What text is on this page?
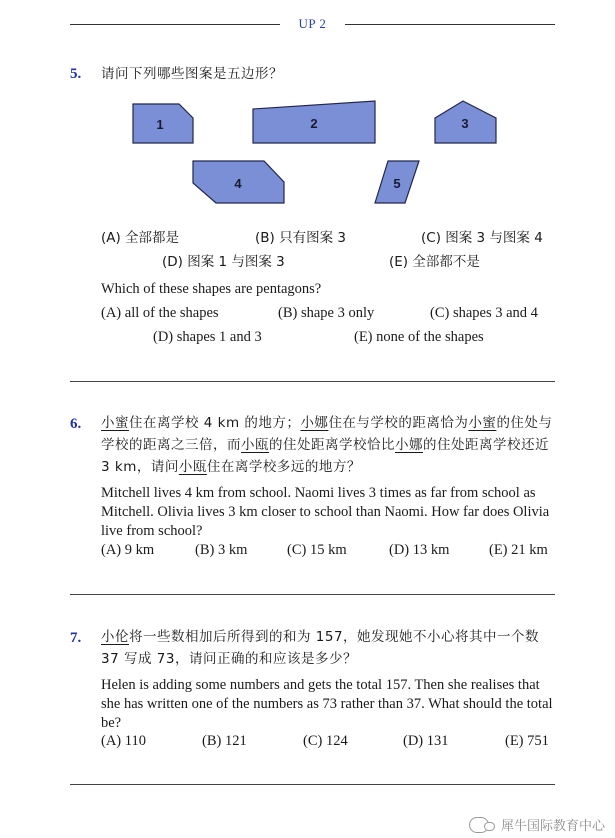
UP 2
5. 请问下列哪些图案是五边形？
1	2	3
4	5
(A) 全部都是	(B) 只有图案 3	(C) 图案 3 与图案 4
(D) 图案 1 与图案 3	(E) 全部都不是
Which of these shapes are pentagons?
(A) all of the shapes	(B) shape 3 only	(C) shapes 3 and 4
(D) shapes 1 and 3	(E) none of the shapes
6. 小蜜住在离学校 4 km 的地方；小娜住在与学校的距离恰为小蜜的住处与学校的距离之三倍，而小瓯的住处距离学校恰比小娜的住处距离学校还近 3 km，请问小瓯住在离学校多远的地方？
Mitchell lives 4 km from school. Naomi lives 3 times as far from school as Mitchell. Olivia lives 3 km closer to school than Naomi. How far does Olivia live from school?
(A) 9 km	(B) 3 km	(C) 15 km	(D) 13 km	(E) 21 km
7. 小伦将一些数相加后所得到的和为 157，她发现她不小心将其中一个数 37 写成 73，请问正确的和应该是多少？
Helen is adding some numbers and gets the total 157. Then she realises that she has written one of the numbers as 73 rather than 37. What should the total be?
(A) 110	(B) 121	(C) 124	(D) 131	(E) 751
犀牛国际教育中心
